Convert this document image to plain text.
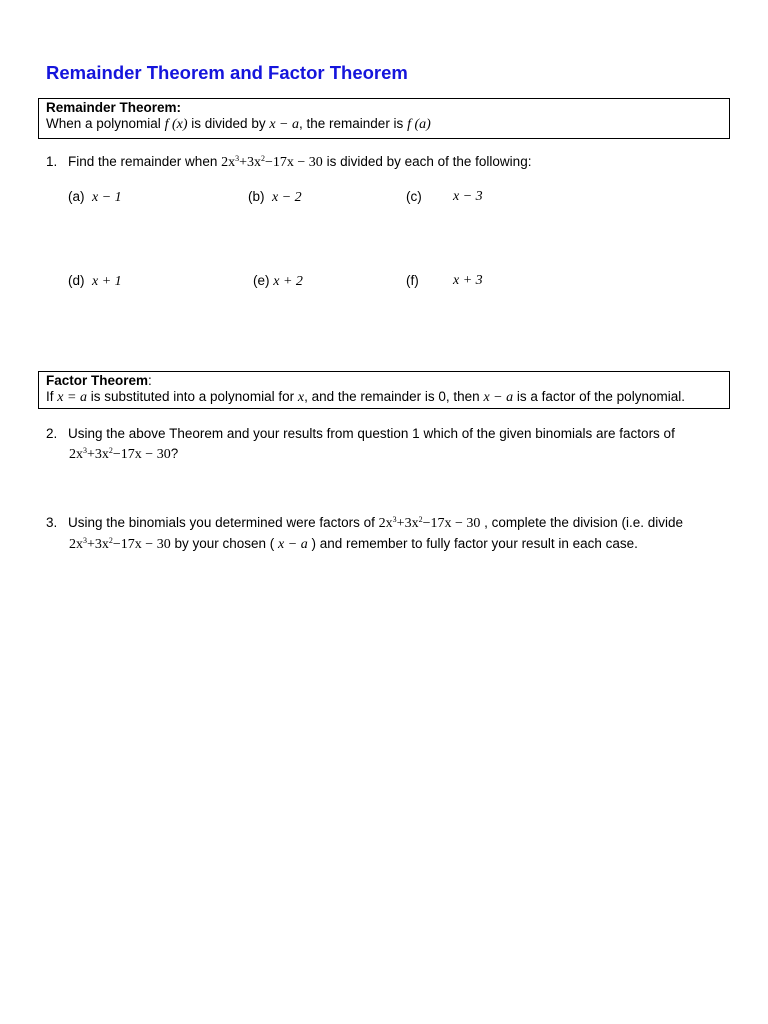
Remainder Theorem and Factor Theorem
Remainder Theorem:
When a polynomial f (x) is divided by x − a, the remainder is f (a)
1. Find the remainder when $2x^3+3x^2-17x - 30$ is divided by each of the following:
(a) x − 1	(b) x − 2	(c) x − 3
(d) x + 1	(e) x + 2	(f) x + 3
Factor Theorem:
If x = a is substituted into a polynomial for x, and the remainder is 0, then x − a is a factor of the polynomial.
2. Using the above Theorem and your results from question 1 which of the given binomials are factors of
$2x^3+3x^2-17x - 30$?
3. Using the binomials you determined were factors of $2x^3+3x^2-17x - 30$ , complete the division (i.e. divide
$2x^3+3x^2-17x - 30$ by your chosen ( x − a ) and remember to fully factor your result in each case.
